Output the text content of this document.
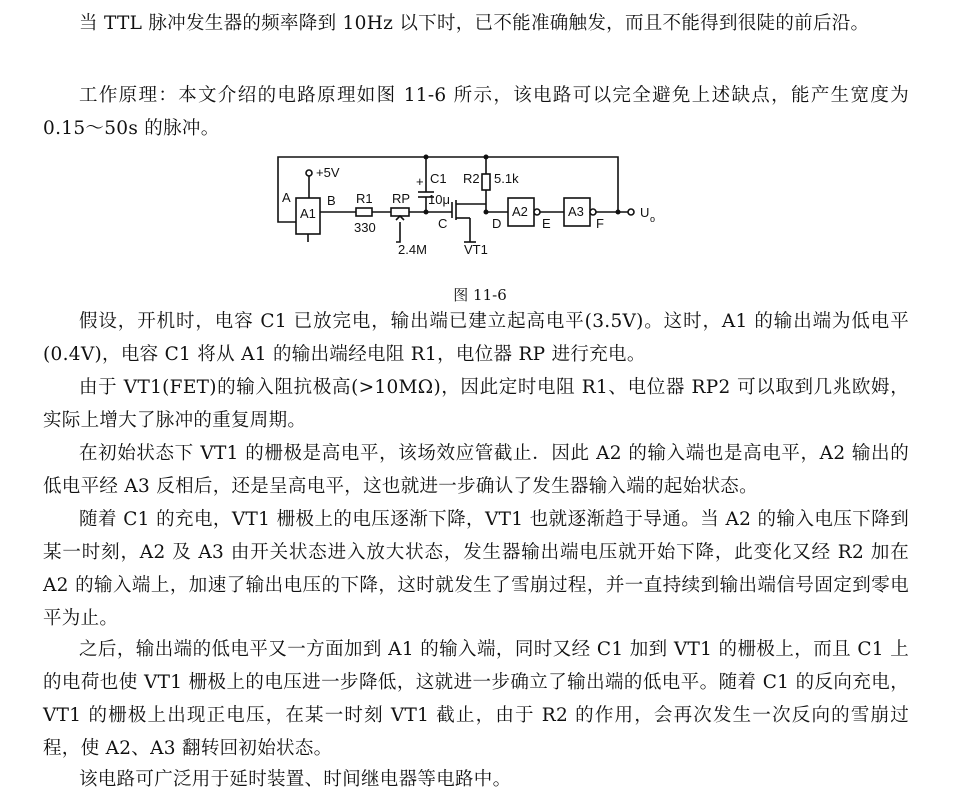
当 TTL 脉冲发生器的频率降到 10Hz 以下时，已不能准确触发，而且不能得到很陡的前后沿。

工作原理：本文介绍的电路原理如图 11-6 所示，该电路可以完全避免上述缺点，能产生宽度为 0.15～50s 的脉冲。

+5V
A
A1
B R1
330
RP
2.4M
C1
10μ
+	R2 5.1k
C
VT1
D
A2
E
A3
F
U o
图 11-6

假设，开机时，电容 C1 已放完电，输出端已建立起高电平(3.5V)。这时，A1 的输出端为低电平(0.4V)，电容 C1 将从 A1 的输出端经电阻 R1，电位器 RP 进行充电。

由于 VT1(FET)的输入阻抗极高(>10MΩ)，因此定时电阻 R1、电位器 RP2 可以取到几兆欧姆，实际上增大了脉冲的重复周期。

在初始状态下 VT1 的栅极是高电平，该场效应管截止．因此 A2 的输入端也是高电平，A2 输出的低电平经 A3 反相后，还是呈高电平，这也就进一步确认了发生器输入端的起始状态。

随着 C1 的充电，VT1 栅极上的电压逐渐下降，VT1 也就逐渐趋于导通。当 A2 的输入电压下降到某一时刻，A2 及 A3 由开关状态进入放大状态，发生器输出端电压就开始下降，此变化又经 R2 加在 A2 的输入端上，加速了输出电压的下降，这时就发生了雪崩过程，并一直持续到输出端信号固定到零电平为止。

之后，输出端的低电平又一方面加到 A1 的输入端，同时又经 C1 加到 VT1 的栅极上，而且 C1 上的电荷也使 VT1 栅极上的电压进一步降低，这就进一步确立了输出端的低电平。随着 C1 的反向充电，VT1 的栅极上出现正电压，在某一时刻 VT1 截止，由于 R2 的作用，会再次发生一次反向的雪崩过程，使 A2、A3 翻转回初始状态。

该电路可广泛用于延时装置、时间继电器等电路中。
